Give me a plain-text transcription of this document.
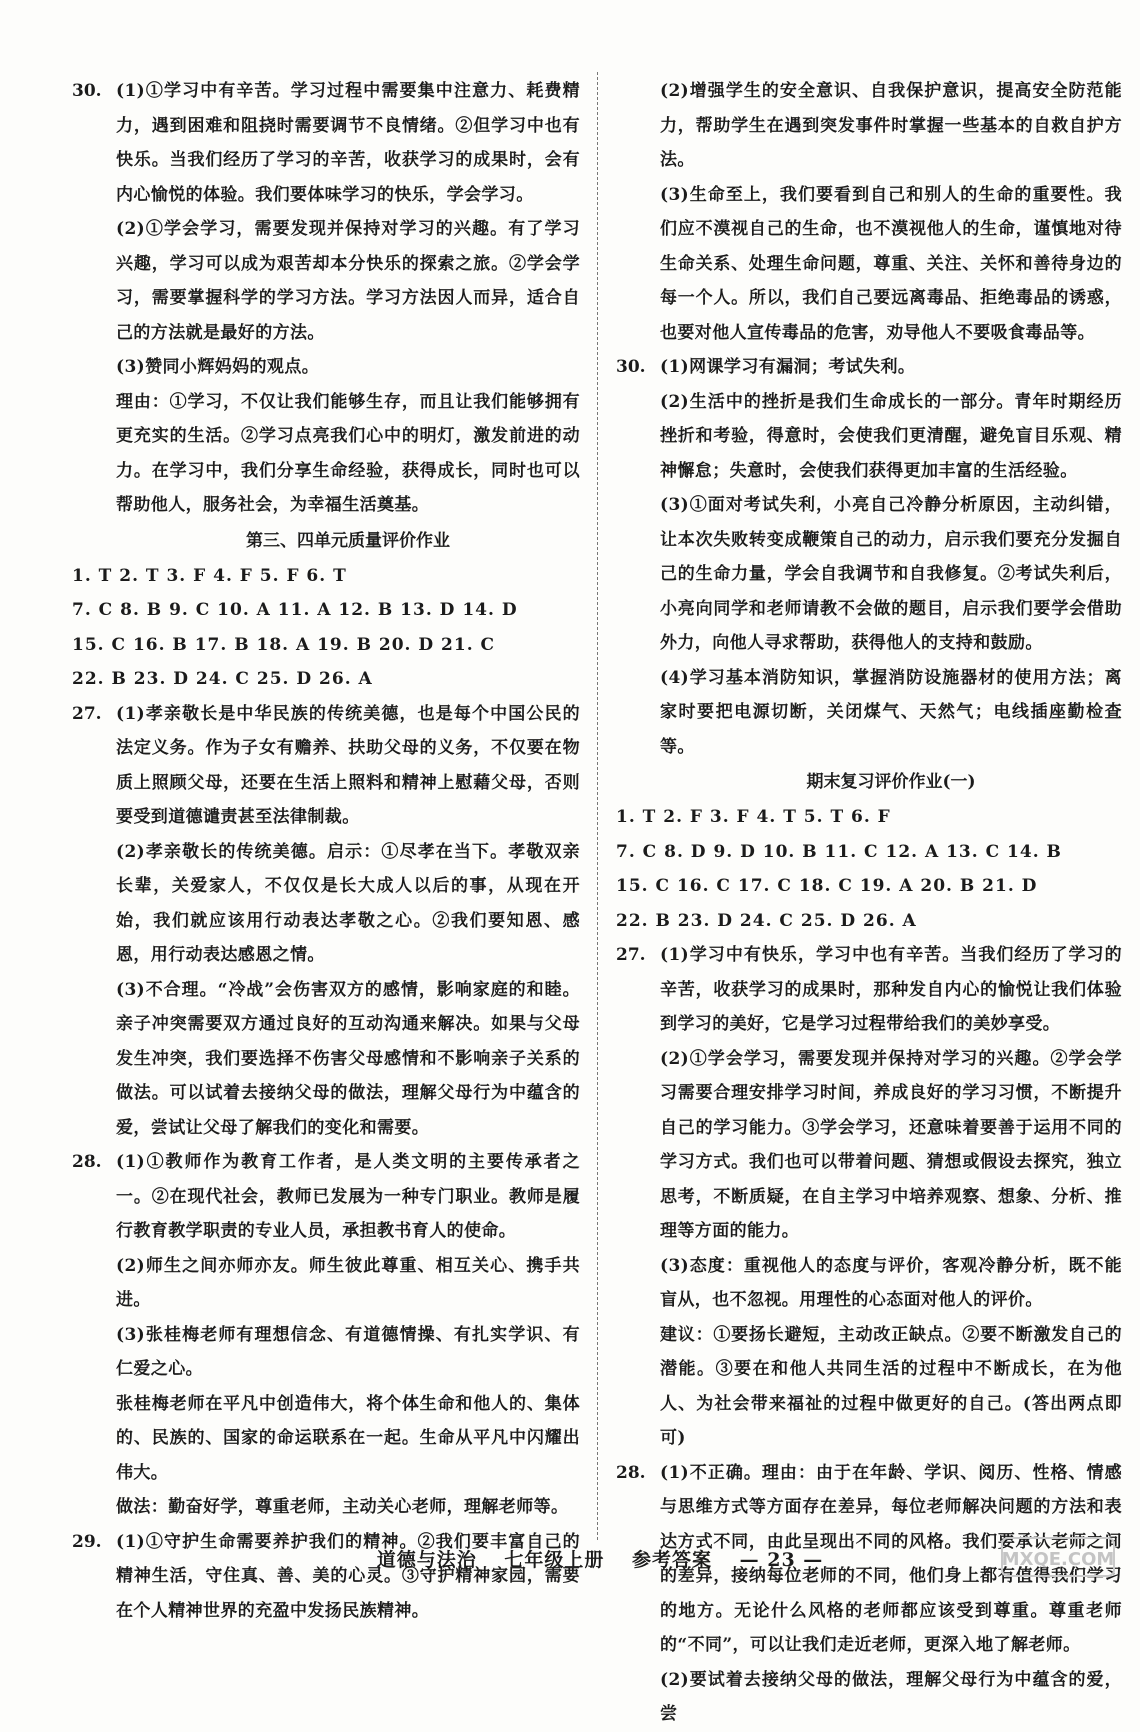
30. (1)①学习中有辛苦。学习过程中需要集中注意力、耗费精力，遇到困难和阻挠时需要调节不良情绪。②但学习中也有快乐。当我们经历了学习的辛苦，收获学习的成果时，会有内心愉悦的体验。我们要体味学习的快乐，学会学习。

(2)①学会学习，需要发现并保持对学习的兴趣。有了学习兴趣，学习可以成为艰苦却本分快乐的探索之旅。②学会学习，需要掌握科学的学习方法。学习方法因人而异，适合自己的方法就是最好的方法。

(3)赞同小辉妈妈的观点。

理由：①学习，不仅让我们能够生存，而且让我们能够拥有更充实的生活。②学习点亮我们心中的明灯，激发前进的动力。在学习中，我们分享生命经验，获得成长，同时也可以帮助他人，服务社会，为幸福生活奠基。

第三、四单元质量评价作业

1. T 2. T 3. F 4. F 5. F 6. T

7. C 8. B 9. C 10. A 11. A 12. B 13. D 14. D

15. C 16. B 17. B 18. A 19. B 20. D 21. C

22. B 23. D 24. C 25. D 26. A

27. (1)孝亲敬长是中华民族的传统美德，也是每个中国公民的法定义务。作为子女有赡养、扶助父母的义务，不仅要在物质上照顾父母，还要在生活上照料和精神上慰藉父母，否则要受到道德谴责甚至法律制裁。

(2)孝亲敬长的传统美德。启示：①尽孝在当下。孝敬双亲长辈，关爱家人，不仅仅是长大成人以后的事，从现在开始，我们就应该用行动表达孝敬之心。②我们要知恩、感恩，用行动表达感恩之情。

(3)不合理。“冷战”会伤害双方的感情，影响家庭的和睦。亲子冲突需要双方通过良好的互动沟通来解决。如果与父母发生冲突，我们要选择不伤害父母感情和不影响亲子关系的做法。可以试着去接纳父母的做法，理解父母行为中蕴含的爱，尝试让父母了解我们的变化和需要。

28. (1)①教师作为教育工作者，是人类文明的主要传承者之一。②在现代社会，教师已发展为一种专门职业。教师是履行教育教学职责的专业人员，承担教书育人的使命。

(2)师生之间亦师亦友。师生彼此尊重、相互关心、携手共进。

(3)张桂梅老师有理想信念、有道德情操、有扎实学识、有仁爱之心。

张桂梅老师在平凡中创造伟大，将个体生命和他人的、集体的、民族的、国家的命运联系在一起。生命从平凡中闪耀出伟大。

做法：勤奋好学，尊重老师，主动关心老师，理解老师等。

29. (1)①守护生命需要养护我们的精神。②我们要丰富自己的精神生活，守住真、善、美的心灵。③守护精神家园，需要在个人精神世界的充盈中发扬民族精神。

(2)增强学生的安全意识、自我保护意识，提高安全防范能力，帮助学生在遇到突发事件时掌握一些基本的自救自护方法。

(3)生命至上，我们要看到自己和别人的生命的重要性。我们应不漠视自己的生命，也不漠视他人的生命，谨慎地对待生命关系、处理生命问题，尊重、关注、关怀和善待身边的每一个人。所以，我们自己要远离毒品、拒绝毒品的诱惑，也要对他人宣传毒品的危害，劝导他人不要吸食毒品等。

30. (1)网课学习有漏洞；考试失利。

(2)生活中的挫折是我们生命成长的一部分。青年时期经历挫折和考验，得意时，会使我们更清醒，避免盲目乐观、精神懈怠；失意时，会使我们获得更加丰富的生活经验。

(3)①面对考试失利，小亮自己冷静分析原因，主动纠错，让本次失败转变成鞭策自己的动力，启示我们要充分发掘自己的生命力量，学会自我调节和自我修复。②考试失利后，小亮向同学和老师请教不会做的题目，启示我们要学会借助外力，向他人寻求帮助，获得他人的支持和鼓励。

(4)学习基本消防知识，掌握消防设施器材的使用方法；离家时要把电源切断，关闭煤气、天然气；电线插座勤检查等。

期末复习评价作业(一)

1. T 2. F 3. F 4. T 5. T 6. F

7. C 8. D 9. D 10. B 11. C 12. A 13. C 14. B

15. C 16. C 17. C 18. C 19. A 20. B 21. D

22. B 23. D 24. C 25. D 26. A

27. (1)学习中有快乐，学习中也有辛苦。当我们经历了学习的辛苦，收获学习的成果时，那种发自内心的愉悦让我们体验到学习的美好，它是学习过程带给我们的美妙享受。

(2)①学会学习，需要发现并保持对学习的兴趣。②学会学习需要合理安排学习时间，养成良好的学习习惯，不断提升自己的学习能力。③学会学习，还意味着要善于运用不同的学习方式。我们也可以带着问题、猜想或假设去探究，独立思考，不断质疑，在自主学习中培养观察、想象、分析、推理等方面的能力。

(3)态度：重视他人的态度与评价，客观冷静分析，既不能盲从，也不忽视。用理性的心态面对他人的评价。

建议：①要扬长避短，主动改正缺点。②要不断激发自己的潜能。③要在和他人共同生活的过程中不断成长，在为他人、为社会带来福祉的过程中做更好的自己。(答出两点即可)

28. (1)不正确。理由：由于在年龄、学识、阅历、性格、情感与思维方式等方面存在差异，每位老师解决问题的方法和表达方式不同，由此呈现出不同的风格。我们要承认老师之间的差异，接纳每位老师的不同，他们身上都有值得我们学习的地方。无论什么风格的老师都应该受到尊重。尊重老师的“不同”，可以让我们走近老师，更深入地了解老师。

(2)要试着去接纳父母的做法，理解父母行为中蕴含的爱，尝

道德与法治 七年级上册 参考答案 — 23 —	MXQE.COM
